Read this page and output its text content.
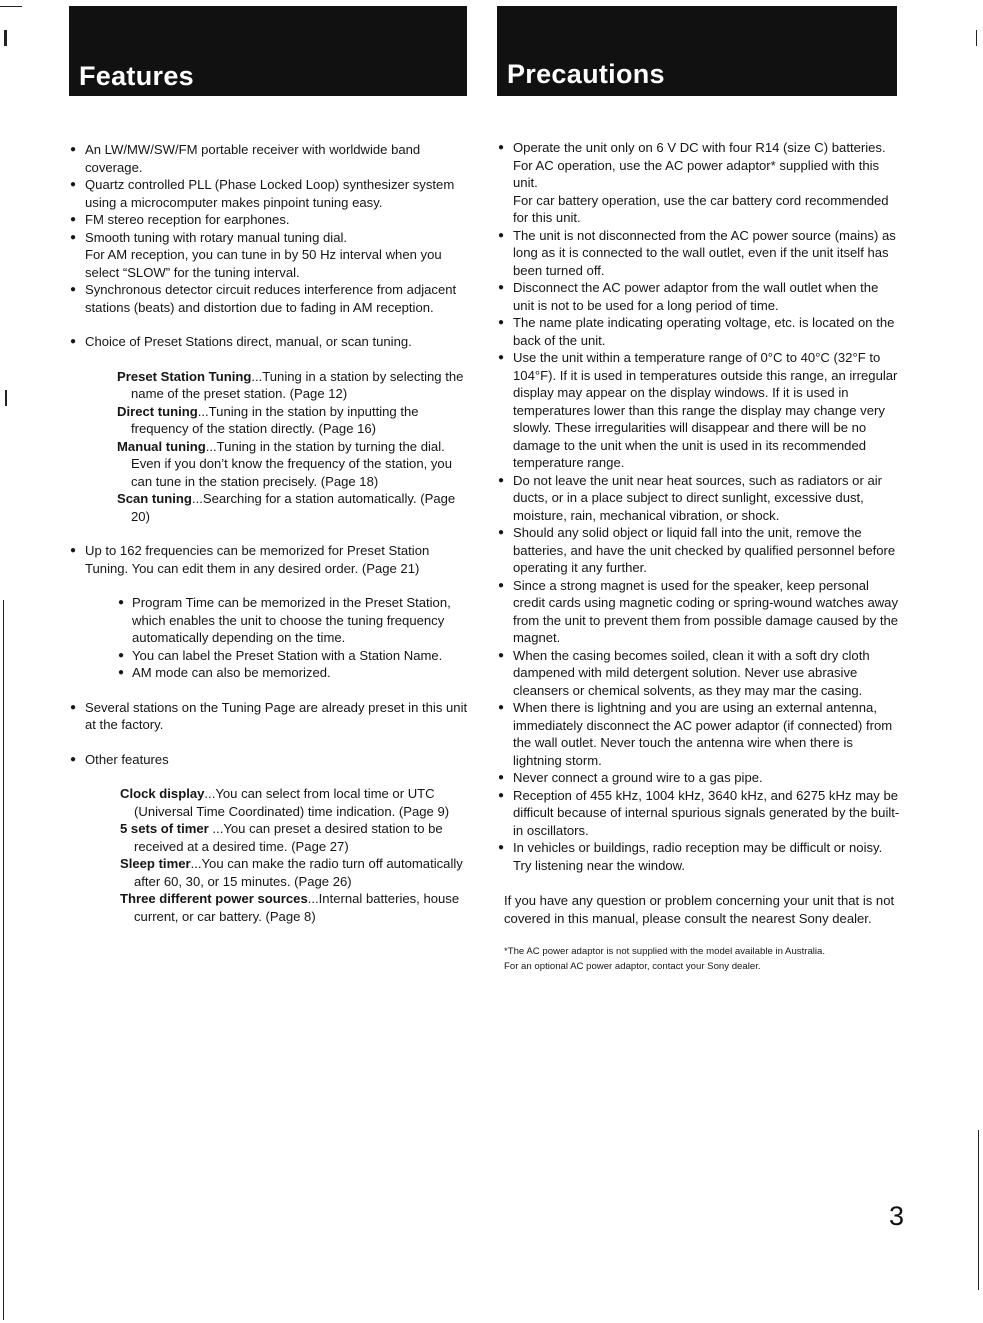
Features	Precautions
● An LW/MW/SW/FM portable receiver with worldwide band coverage.
● Quartz controlled PLL (Phase Locked Loop) synthesizer system using a microcomputer makes pinpoint tuning easy.
● FM stereo reception for earphones.
● Smooth tuning with rotary manual tuning dial.
For AM reception, you can tune in by 50 Hz interval when you select “SLOW” for the tuning interval.
● Synchronous detector circuit reduces interference from adjacent stations (beats) and distortion due to fading in AM reception.
● Choice of Preset Stations direct, manual, or scan tuning.

Preset Station Tuning...Tuning in a station by selecting the name of the preset station. (Page 12)

Direct tuning...Tuning in the station by inputting the frequency of the station directly. (Page 16)

Manual tuning...Tuning in the station by turning the dial. Even if you don’t know the frequency of the station, you can tune in the station precisely. (Page 18)

Scan tuning...Searching for a station automatically. (Page 20)

● Up to 162 frequencies can be memorized for Preset Station Tuning. You can edit them in any desired order. (Page 21)
● Program Time can be memorized in the Preset Station, which enables the unit to choose the tuning frequency automatically depending on the time.
● You can label the Preset Station with a Station Name.
● AM mode can also be memorized.
● Several stations on the Tuning Page are already preset in this unit at the factory.
● Other features

Clock display...You can select from local time or UTC (Universal Time Coordinated) time indication. (Page 9)

5 sets of timer ...You can preset a desired station to be received at a desired time. (Page 27)

Sleep timer...You can make the radio turn off automatically after 60, 30, or 15 minutes. (Page 26)

Three different power sources...Internal batteries, house current, or car battery. (Page 8)

● Operate the unit only on 6 V DC with four R14 (size C) batteries.
For AC operation, use the AC power adaptor* supplied with this unit.
For car battery operation, use the car battery cord recommended for this unit.
● The unit is not disconnected from the AC power source (mains) as long as it is connected to the wall outlet, even if the unit itself has been turned off.
● Disconnect the AC power adaptor from the wall outlet when the unit is not to be used for a long period of time.
● The name plate indicating operating voltage, etc. is located on the back of the unit.
● Use the unit within a temperature range of 0°C to 40°C (32°F to 104°F). If it is used in temperatures outside this range, an irregular display may appear on the display windows. If it is used in temperatures lower than this range the display may change very slowly. These irregularities will disappear and there will be no damage to the unit when the unit is used in its recommended temperature range.
● Do not leave the unit near heat sources, such as radiators or air ducts, or in a place subject to direct sunlight, excessive dust, moisture, rain, mechanical vibration, or shock.
● Should any solid object or liquid fall into the unit, remove the batteries, and have the unit checked by qualified personnel before operating it any further.
● Since a strong magnet is used for the speaker, keep personal credit cards using magnetic coding or spring-wound watches away from the unit to prevent them from possible damage caused by the magnet.
● When the casing becomes soiled, clean it with a soft dry cloth dampened with mild detergent solution. Never use abrasive cleansers or chemical solvents, as they may mar the casing.
● When there is lightning and you are using an external antenna, immediately disconnect the AC power adaptor (if connected) from the wall outlet. Never touch the antenna wire when there is lightning storm.
● Never connect a ground wire to a gas pipe.
● Reception of 455 kHz, 1004 kHz, 3640 kHz, and 6275 kHz may be difficult because of internal spurious signals generated by the built-in oscillators.
● In vehicles or buildings, radio reception may be difficult or noisy. Try listening near the window.

If you have any question or problem concerning your unit that is not covered in this manual, please consult the nearest Sony dealer.

*The AC power adaptor is not supplied with the model available in Australia.
For an optional AC power adaptor, contact your Sony dealer.
3
